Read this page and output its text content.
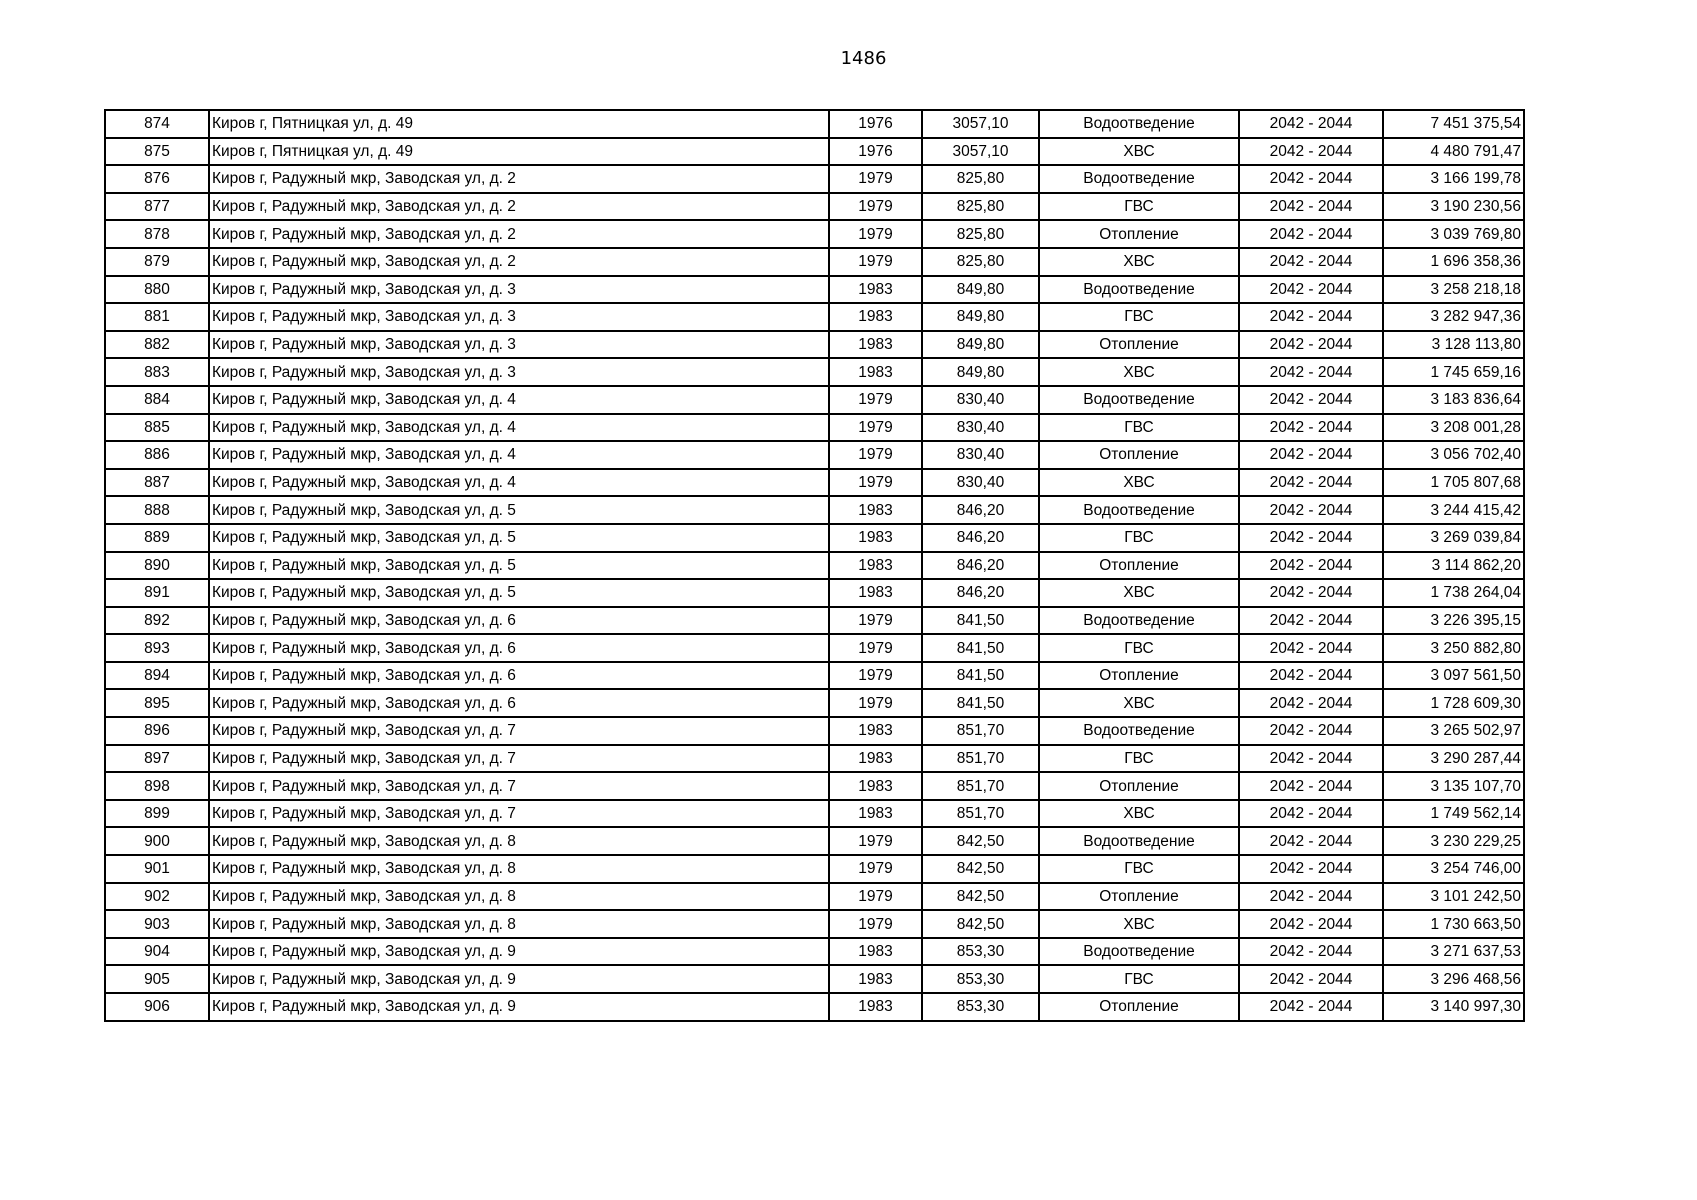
1486
874	Киров г, Пятницкая ул, д. 49	1976	3057,10	Водоотведение	2042 - 2044	7 451 375,54
875	Киров г, Пятницкая ул, д. 49	1976	3057,10	ХВС	2042 - 2044	4 480 791,47
876	Киров г, Радужный мкр, Заводская ул, д. 2	1979	825,80	Водоотведение	2042 - 2044	3 166 199,78
877	Киров г, Радужный мкр, Заводская ул, д. 2	1979	825,80	ГВС	2042 - 2044	3 190 230,56
878	Киров г, Радужный мкр, Заводская ул, д. 2	1979	825,80	Отопление	2042 - 2044	3 039 769,80
879	Киров г, Радужный мкр, Заводская ул, д. 2	1979	825,80	ХВС	2042 - 2044	1 696 358,36
880	Киров г, Радужный мкр, Заводская ул, д. 3	1983	849,80	Водоотведение	2042 - 2044	3 258 218,18
881	Киров г, Радужный мкр, Заводская ул, д. 3	1983	849,80	ГВС	2042 - 2044	3 282 947,36
882	Киров г, Радужный мкр, Заводская ул, д. 3	1983	849,80	Отопление	2042 - 2044	3 128 113,80
883	Киров г, Радужный мкр, Заводская ул, д. 3	1983	849,80	ХВС	2042 - 2044	1 745 659,16
884	Киров г, Радужный мкр, Заводская ул, д. 4	1979	830,40	Водоотведение	2042 - 2044	3 183 836,64
885	Киров г, Радужный мкр, Заводская ул, д. 4	1979	830,40	ГВС	2042 - 2044	3 208 001,28
886	Киров г, Радужный мкр, Заводская ул, д. 4	1979	830,40	Отопление	2042 - 2044	3 056 702,40
887	Киров г, Радужный мкр, Заводская ул, д. 4	1979	830,40	ХВС	2042 - 2044	1 705 807,68
888	Киров г, Радужный мкр, Заводская ул, д. 5	1983	846,20	Водоотведение	2042 - 2044	3 244 415,42
889	Киров г, Радужный мкр, Заводская ул, д. 5	1983	846,20	ГВС	2042 - 2044	3 269 039,84
890	Киров г, Радужный мкр, Заводская ул, д. 5	1983	846,20	Отопление	2042 - 2044	3 114 862,20
891	Киров г, Радужный мкр, Заводская ул, д. 5	1983	846,20	ХВС	2042 - 2044	1 738 264,04
892	Киров г, Радужный мкр, Заводская ул, д. 6	1979	841,50	Водоотведение	2042 - 2044	3 226 395,15
893	Киров г, Радужный мкр, Заводская ул, д. 6	1979	841,50	ГВС	2042 - 2044	3 250 882,80
894	Киров г, Радужный мкр, Заводская ул, д. 6	1979	841,50	Отопление	2042 - 2044	3 097 561,50
895	Киров г, Радужный мкр, Заводская ул, д. 6	1979	841,50	ХВС	2042 - 2044	1 728 609,30
896	Киров г, Радужный мкр, Заводская ул, д. 7	1983	851,70	Водоотведение	2042 - 2044	3 265 502,97
897	Киров г, Радужный мкр, Заводская ул, д. 7	1983	851,70	ГВС	2042 - 2044	3 290 287,44
898	Киров г, Радужный мкр, Заводская ул, д. 7	1983	851,70	Отопление	2042 - 2044	3 135 107,70
899	Киров г, Радужный мкр, Заводская ул, д. 7	1983	851,70	ХВС	2042 - 2044	1 749 562,14
900	Киров г, Радужный мкр, Заводская ул, д. 8	1979	842,50	Водоотведение	2042 - 2044	3 230 229,25
901	Киров г, Радужный мкр, Заводская ул, д. 8	1979	842,50	ГВС	2042 - 2044	3 254 746,00
902	Киров г, Радужный мкр, Заводская ул, д. 8	1979	842,50	Отопление	2042 - 2044	3 101 242,50
903	Киров г, Радужный мкр, Заводская ул, д. 8	1979	842,50	ХВС	2042 - 2044	1 730 663,50
904	Киров г, Радужный мкр, Заводская ул, д. 9	1983	853,30	Водоотведение	2042 - 2044	3 271 637,53
905	Киров г, Радужный мкр, Заводская ул, д. 9	1983	853,30	ГВС	2042 - 2044	3 296 468,56
906	Киров г, Радужный мкр, Заводская ул, д. 9	1983	853,30	Отопление	2042 - 2044	3 140 997,30
